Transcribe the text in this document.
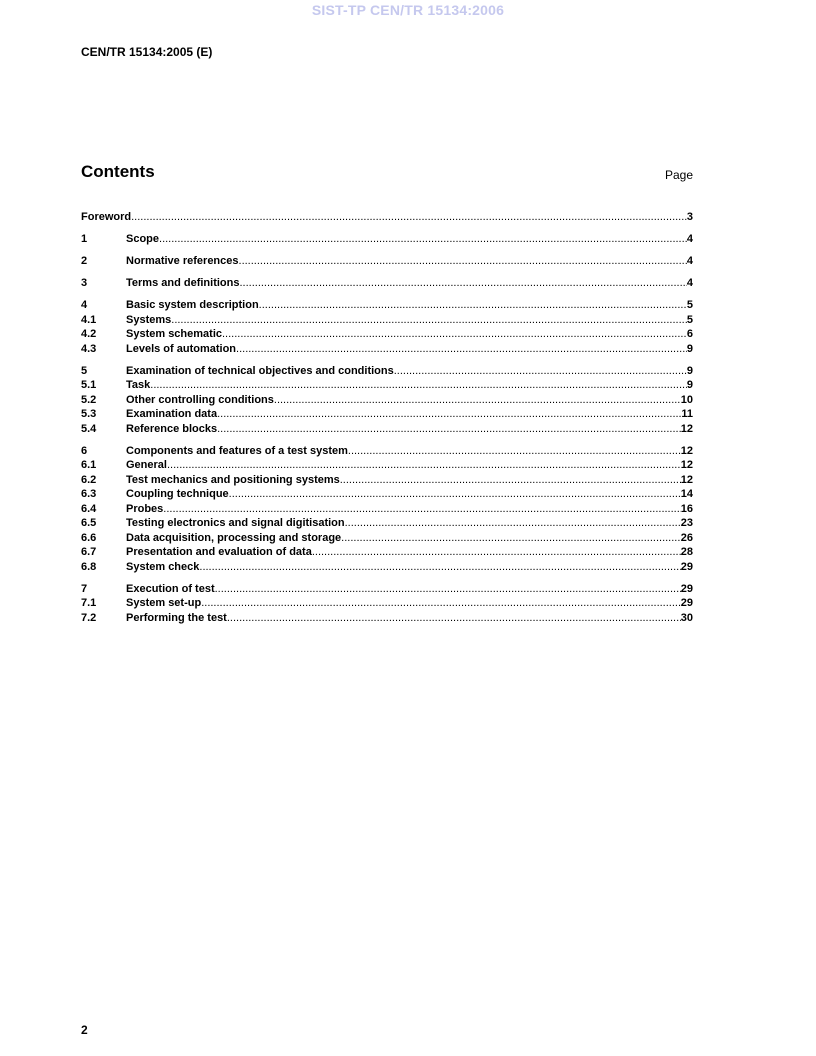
SIST-TP CEN/TR 15134:2006
CEN/TR 15134:2005 (E)
Contents	Page
Foreword .....	3
1	Scope .....	4
2	Normative references .....	4
3	Terms and definitions .....	4
4	Basic system description .....	5
4.1	Systems .....	5
4.2	System schematic .....	6
4.3	Levels of automation .....	9
5	Examination of technical objectives and conditions .....	9
5.1	Task .....	9
5.2	Other controlling conditions .....	10
5.3	Examination data .....	11
5.4	Reference blocks .....	12
6	Components and features of a test system .....	12
6.1	General .....	12
6.2	Test mechanics and positioning systems .....	12
6.3	Coupling technique .....	14
6.4	Probes .....	16
6.5	Testing electronics and signal digitisation .....	23
6.6	Data acquisition, processing and storage .....	26
6.7	Presentation and evaluation of data .....	28
6.8	System check .....	29
7	Execution of test .....	29
7.1	System set-up .....	29
7.2	Performing the test .....	30
2
